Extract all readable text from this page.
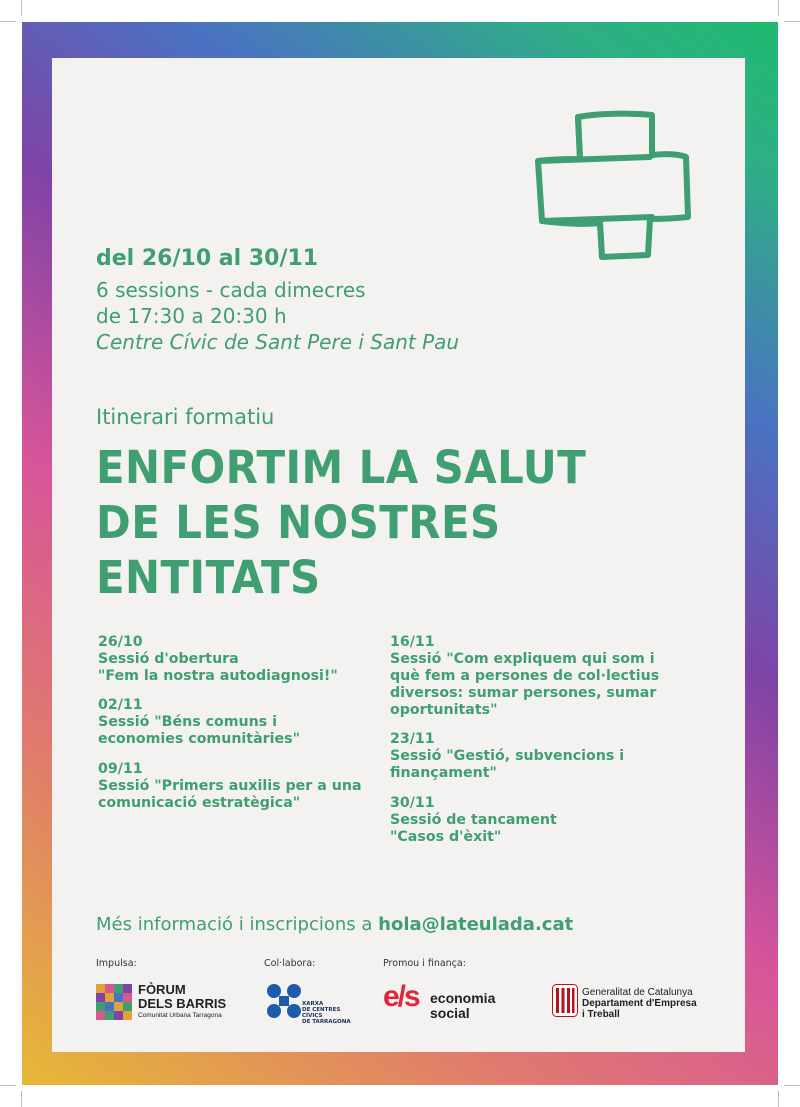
del 26/10 al 30/11

6 sessions - cada dimecres

de 17:30 a 20:30 h

Centre Cívic de Sant Pere i Sant Pau

Itinerari formatiu

ENFORTIM LA SALUT
DE LES NOSTRES
ENTITATS
26/10
Sessió d'obertura
"Fem la nostra autodiagnosi!"
02/11
Sessió "Béns comuns i
economies comunitàries"
09/11
Sessió "Primers auxilis per a una
comunicació estratègica"
16/11
Sessió "Com expliquem qui som i
què fem a persones de col·lectius
diversos: sumar persones, sumar
oportunitats"
23/11
Sessió "Gestió, subvencions i
finançament"
30/11
Sessió de tancament
"Casos d'èxit"

Més informació i inscripcions a hola@lateulada.cat

Impulsa:	Col·labora:	Promou i finança:
FÒRUM
DELS BARRIS
Comunitat Urbana Tarragona
XARXA
DE CENTRES
CÍVICS
DE TARRAGONA
e/s economia
social
Generalitat de Catalunya
Departament d'Empresa
i Treball
